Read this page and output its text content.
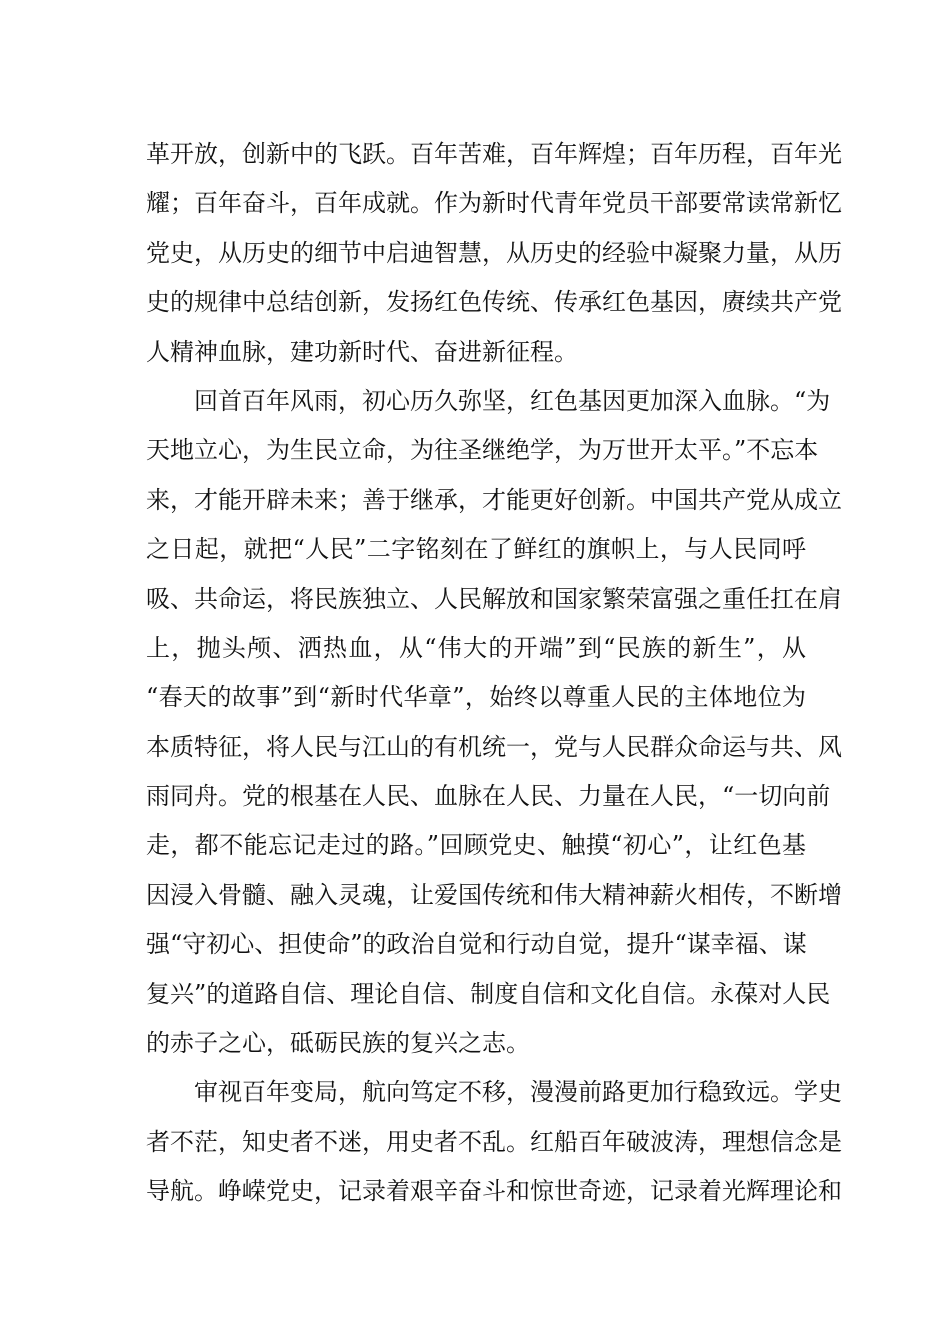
革开放，创新中的飞跃。百年苦难，百年辉煌；百年历程，百年光
耀；百年奋斗，百年成就。作为新时代青年党员干部要常读常新忆
党史，从历史的细节中启迪智慧，从历史的经验中凝聚力量，从历
史的规律中总结创新，发扬红色传统、传承红色基因，赓续共产党
人精神血脉，建功新时代、奋进新征程。
回首百年风雨，初心历久弥坚，红色基因更加深入血脉。“为
天地立心，为生民立命，为往圣继绝学，为万世开太平。”不忘本
来，才能开辟未来；善于继承，才能更好创新。中国共产党从成立
之日起，就把“人民”二字铭刻在了鲜红的旗帜上，与人民同呼
吸、共命运，将民族独立、人民解放和国家繁荣富强之重任扛在肩
上，抛头颅、洒热血，从“伟大的开端”到“民族的新生”，从
“春天的故事”到“新时代华章”，始终以尊重人民的主体地位为
本质特征，将人民与江山的有机统一，党与人民群众命运与共、风
雨同舟。党的根基在人民、血脉在人民、力量在人民，“一切向前
走，都不能忘记走过的路。”回顾党史、触摸“初心”，让红色基
因浸入骨髓、融入灵魂，让爱国传统和伟大精神薪火相传，不断增
强“守初心、担使命”的政治自觉和行动自觉，提升“谋幸福、谋
复兴”的道路自信、理论自信、制度自信和文化自信。永葆对人民
的赤子之心，砥砺民族的复兴之志。
审视百年变局，航向笃定不移，漫漫前路更加行稳致远。学史
者不茫，知史者不迷，用史者不乱。红船百年破波涛，理想信念是
导航。峥嵘党史，记录着艰辛奋斗和惊世奇迹，记录着光辉理论和
